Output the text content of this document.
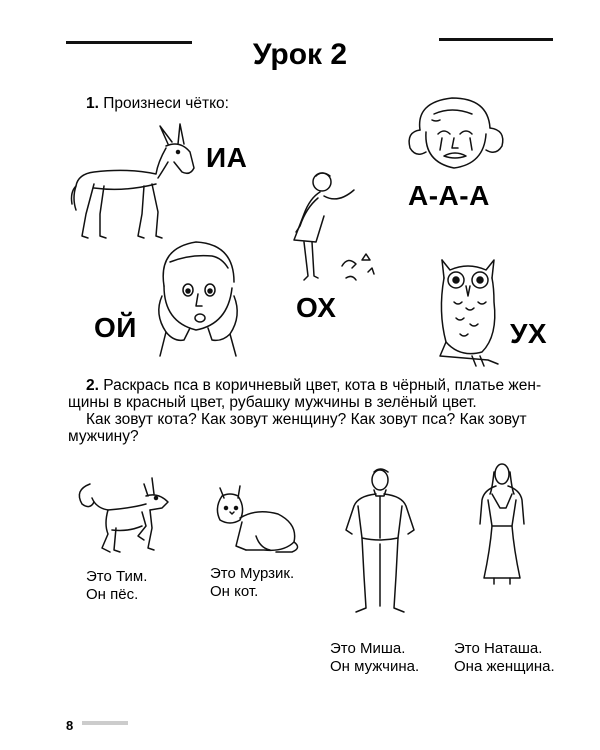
Урок 2
1. Произнеси чётко:
ИА
А-А-А
ОХ
ОЙ	УХ
2. Раскрась пса в коричневый цвет, кота в чёрный, платье жен-
щины в красный цвет, рубашку мужчины в зелёный цвет.
Как зовут кота? Как зовут женщину? Как зовут пса? Как зовут
мужчину?
Это Тим.
Он пёс.
Это Мурзик.
Он кот.
Это Миша.
Он мужчина.
Это Наташа.
Она женщина.
8
